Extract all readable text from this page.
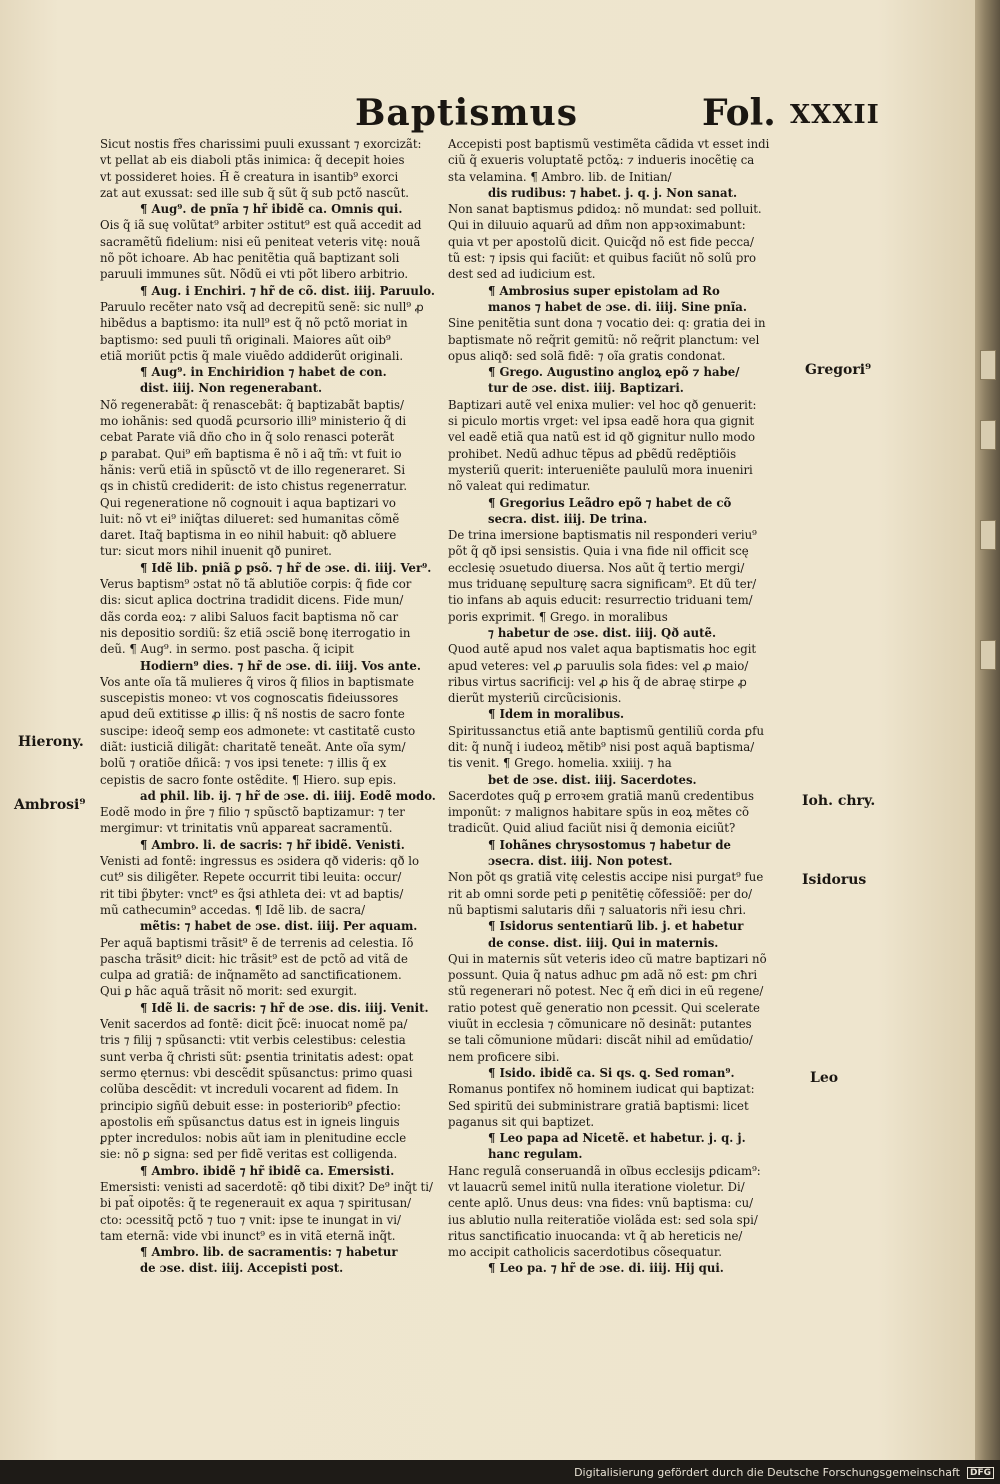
Baptismus	Fol. XXXII
Sicut nostis fr̃es charissimi puuli exussant ⁊ exorcizãt:
vt pellat ab eis diaboli ptãs inimica: q̃ decepit hoies
vt possideret hoies. H̃ ẽ creatura in isantib⁹ exorci
zat aut exussat: sed ille sub q̃ sũt q̃ sub pctõ nascũt.
¶ Aug⁹. de pnĩa ⁊ hr̃ ibidẽ ca. Omnis qui.
Ois q̃ iã suę volũtat⁹ arbiter ɔstitut⁹ est quã accedit ad
sacramẽtũ fidelium: nisi eũ peniteat veteris vitę: nouã
nõ põt ichoare. Ab hac penitẽtia quã baptizant soli
paruuli immunes sũt. Nõdũ ei vti põt libero arbitrio.
¶ Aug. i Enchiri. ⁊ hr̃ de cõ. dist. iiij. Paruulo.
Paruulo recẽter nato vsq̃ ad decrepitũ senẽ: sic null⁹ ꝓ
hibẽdus a baptismo: ita null⁹ est q̃ nõ pctõ moriat in
baptismo: sed puuli tñ originali. Maiores aũt oib⁹
etiã moriũt pctis q̃ male viuẽdo addiderũt originali.
¶ Aug⁹. in Enchiridion ⁊ habet de con.
dist. iiij. Non regenerabant.
Nõ regenerabãt: q̃ renascebãt: q̃ baptizabãt baptis/
mo iohãnis: sed quodã ꝑcursorio illi⁹ ministerio q̃ di
cebat Parate viã dño cħo in q̃ solo renasci poterãt
ꝑ parabat. Qui⁹ em̃ baptisma ẽ nõ i aq̃ tm̃: vt fuit io
hãnis: verũ etiã in spũsctõ vt de illo regeneraret. Si
qs in cħistũ crediderit: de isto cħistus regenerratur.
Qui regeneratione nõ cognouit i aqua baptizari vo
luit: nõ vt ei⁹ iniq̃tas dilueret: sed humanitas cõmẽ
daret. Itaq̃ baptisma in eo nihil habuit: qð abluere
tur: sicut mors nihil inuenit qð puniret.
¶ Idẽ lib. pniã ꝑ psõ. ⁊ hr̃ de ɔse. di. iiij. Ver⁹.
Verus baptism⁹ ɔstat nõ tã ablutiõe corpis: q̃ fide cor
dis: sicut aplica doctrina tradidit dicens. Fide mun/
dãs corda eoꝝ: ⁊ alibi Saluos facit baptisma nõ car
nis depositio sordiũ: s̃z etiã ɔsciẽ bonę iterrogatio in
deũ. ¶ Aug⁹. in sermo. post pascha. q̃ icipit
Hodiern⁹ dies. ⁊ hr̃ de ɔse. di. iiij. Vos ante.
Vos ante oĩa tã mulieres q̃ viros q̃ filios in baptismate
suscepistis moneo: vt vos cognoscatis fideiussores
apud deũ extitisse ꝓ illis: q̃ ns̃ nostis de sacro fonte
suscipe: ideoq̃ semp eos admonete: vt castitatẽ custo
diãt: iusticiã diligãt: charitatẽ teneãt. Ante oĩa sym/
bolũ ⁊ oratiõe dñicã: ⁊ vos ipsi tenete: ⁊ illis q̃ ex
cepistis de sacro fonte ostẽdite. ¶ Hiero. sup epis.
ad phil. lib. ij. ⁊ hr̃ de ɔse. di. iiij. Eodẽ modo.
Eodẽ modo in p̃re ⁊ filio ⁊ spũsctõ baptizamur: ⁊ ter
mergimur: vt trinitatis vnũ appareat sacramentũ.
¶ Ambro. li. de sacris: ⁊ hr̃ ibidẽ. Venisti.
Venisti ad fontẽ: ingressus es ɔsidera qð videris: qð lo
cut⁹ sis diligẽter. Repete occurrit tibi leuita: occur/
rit tibi p̃byter: vnct⁹ es q̃si athleta dei: vt ad baptis/
mũ cathecumin⁹ accedas. ¶ Idẽ lib. de sacra/
mẽtis: ⁊ habet de ɔse. dist. iiij. Per aquam.
Per aquã baptismi trãsit⁹ ẽ de terrenis ad celestia. Iõ
pascha trãsit⁹ dicit: hic trãsit⁹ est de pctõ ad vitã de
culpa ad gratiã: de inq̃namẽto ad sanctificationem.
Qui ꝑ hãc aquã trãsit nõ morit: sed exurgit.
¶ Idẽ li. de sacris: ⁊ hr̃ de ɔse. dis. iiij. Venit.
Venit sacerdos ad fontẽ: dicit p̃cẽ: inuocat nomẽ pa/
tris ⁊ filij ⁊ spũsancti: vtit verbis celestibus: celestia
sunt verba q̃ cħristi sũt: ꝑsentia trinitatis adest: opat
sermo ęternus: vbi descẽdit spũsanctus: primo quasi
colũba descẽdit: vt increduli vocarent ad fidem. In
principio sigñũ debuit esse: in posteriorib⁹ ꝑfectio:
apostolis em̃ spũsanctus datus est in igneis linguis
ꝑpter incredulos: nobis aũt iam in plenitudine eccle
sie: nõ ꝑ signa: sed per fidẽ veritas est colligenda.
¶ Ambro. ibidẽ ⁊ hr̃ ibidẽ ca. Emersisti.
Emersisti: venisti ad sacerdotẽ: qð tibi dixit? De⁹ inq̃t ti/
bi pat̃ oipotẽs: q̃ te regenerauit ex aqua ⁊ spiritusan/
cto: ɔcessitq̃ pctõ ⁊ tuo ⁊ vnit: ipse te inungat in vi/
tam eternã: vide vbi inunct⁹ es in vitã eternã inq̃t.
¶ Ambro. lib. de sacramentis: ⁊ habetur
de ɔse. dist. iiij. Accepisti post.
Accepisti post baptismũ vestimẽta cãdida vt esset indi
ciũ q̃ exueris voluptatẽ pctõꝝ: ⁊ indueris inocẽtię ca
sta velamina. ¶ Ambro. lib. de Initian/
dis rudibus: ⁊ habet. j. q. j. Non sanat.
Non sanat baptismus ꝑdidoꝝ: nõ mundat: sed polluit.
Qui in diluuio aquarũ ad dñm non appꝛoximabunt:
quia vt per apostolũ dicit. Quicq̃d nõ est fide pecca/
tũ est: ⁊ ipsis qui faciũt: et quibus faciũt nõ solũ pro
dest sed ad iudicium est.
¶ Ambrosius super epistolam ad Ro
manos ⁊ habet de ɔse. di. iiij. Sine pnĩa.
Sine penitẽtia sunt dona ⁊ vocatio dei: q: gratia dei in
baptismate nõ req̃rit gemitũ: nõ req̃rit planctum: vel
opus aliqð: sed solã fidẽ: ⁊ oĩa gratis condonat.
¶ Grego. Augustino angloꝝ epõ ⁊ habe/
tur de ɔse. dist. iiij. Baptizari.
Baptizari autẽ vel enixa mulier: vel hoc qð genuerit:
si piculo mortis vrget: vel ipsa eadẽ hora qua gignit
vel eadẽ etiã qua natũ est id qð gignitur nullo modo
prohibet. Nedũ adhuc tẽpus ad ꝑbẽdũ redẽptiõis
mysteriũ querit: interueniẽte paululũ mora inueniri
nõ valeat qui redimatur.
¶ Gregorius Leãdro epõ ⁊ habet de cõ
secra. dist. iiij. De trina.
De trina imersione baptismatis nil responderi veriu⁹
põt q̃ qð ipsi sensistis. Quia i vna fide nil officit scę
ecclesię ɔsuetudo diuersa. Nos aũt q̃ tertio mergi/
mus triduanę sepulturę sacra significam⁹. Et dũ ter/
tio infans ab aquis educit: resurrectio triduani tem/
poris exprimit. ¶ Grego. in moralibus
⁊ habetur de ɔse. dist. iiij. Qð autẽ.
Quod autẽ apud nos valet aqua baptismatis hoc egit
apud veteres: vel ꝓ paruulis sola fides: vel ꝓ maio/
ribus virtus sacrificij: vel ꝓ his q̃ de abraę stirpe ꝓ
dierũt mysteriũ circũcisionis.
¶ Idem in moralibus.
Spiritussanctus etiã ante baptismũ gentiliũ corda ꝑfu
dit: q̃ nunq̃ i iudeoꝝ mẽtib⁹ nisi post aquã baptisma/
tis venit. ¶ Grego. homelia. xxiiij. ⁊ ha
bet de ɔse. dist. iiij. Sacerdotes.
Sacerdotes quq̃ ꝑ erroꝛem gratiã manũ credentibus
imponũt: ⁊ malignos habitare spũs in eoꝝ mẽtes cõ
tradicũt. Quid aliud faciũt nisi q̃ demonia eiciũt?
¶ Iohãnes chrysostomus ⁊ habetur de
ɔsecra. dist. iiij. Non potest.
Non põt qs gratiã vitę celestis accipe nisi purgat⁹ fue
rit ab omni sorde peti ꝑ penitẽtię cõfessiõẽ: per do/
nũ baptismi salutaris dñi ⁊ saluatoris nr̃i iesu cħri.
¶ Isidorus sententiarũ lib. j. et habetur
de conse. dist. iiij. Qui in maternis.
Qui in maternis sũt veteris ideo cũ matre baptizari nõ
possunt. Quia q̃ natus adhuc ꝑm adã nõ est: ꝑm cħri
stũ regenerari nõ potest. Nec q̃ em̃ dici in eũ regene/
ratio potest quẽ generatio non ꝑcessit. Qui scelerate
viuũt in ecclesia ⁊ cõmunicare nõ desinãt: putantes
se tali cõmunione mũdari: discãt nihil ad emũdatio/
nem proficere sibi.
¶ Isido. ibidẽ ca. Si qs. ꝗ. Sed roman⁹.
Romanus pontifex nõ hominem iudicat qui baptizat:
Sed spiritũ dei subministrare gratiã baptismi: licet
paganus sit qui baptizet.
¶ Leo papa ad Nicetẽ. et habetur. j. q. j.
hanc regulam.
Hanc regulã conseruandã in oĩbus ecclesijs ꝑdicam⁹:
vt lauacrũ semel initũ nulla iteratione violetur. Di/
cente aplõ. Unus deus: vna fides: vnũ baptisma: cu/
ius ablutio nulla reiteratiõe violãda est: sed sola spi/
ritus sanctificatio inuocanda: vt q̃ ab hereticis ne/
mo accipit catholicis sacerdotibus cõsequatur.
¶ Leo pa. ⁊ hr̃ de ɔse. di. iiij. Hij qui.
Gregori⁹
Hierony.
Ambrosi⁹	Ioh. chry.
Isidorus
Leo
Digitalisierung gefördert durch die Deutsche Forschungsgemeinschaft	DFG
